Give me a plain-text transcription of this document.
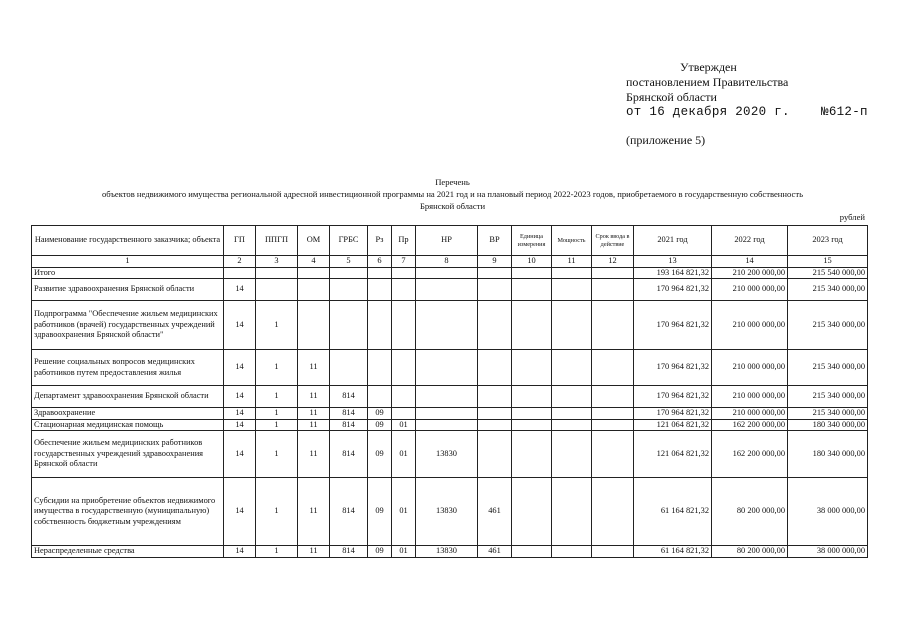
Утвержден
постановлением Правительства
Брянской области
от 16 декабря 2020 г.    №612-п
(приложение 5)
Перечень
объектов недвижимого имущества региональной адресной инвестиционной программы на 2021 год и на плановый период 2022-2023 годов, приобретаемого в государственную собственность
Брянской области
рублей
Наименование государственного заказчика; объекта	ГП	ППГП	ОМ	ГРБС	Рз	Пр	НР	ВР	Единица измерения	Мощность	Срок ввода в действие	2021 год	2022 год	2023 год
1	2	3	4	5	6	7	8	9	10	11	12	13	14	15
Итого												193 164 821,32	210 200 000,00	215 540 000,00
Развитие здравоохранения Брянской области	14											170 964 821,32	210 000 000,00	215 340 000,00
Подпрограмма "Обеспечение жильем медицинских работников (врачей) государственных учреждений здравоохранения Брянской области"	14	1										170 964 821,32	210 000 000,00	215 340 000,00
Решение социальных вопросов медицинских работников путем предоставления жилья	14	1	11									170 964 821,32	210 000 000,00	215 340 000,00
Департамент здравоохранения Брянской области	14	1	11	814								170 964 821,32	210 000 000,00	215 340 000,00
Здравоохранение	14	1	11	814	09							170 964 821,32	210 000 000,00	215 340 000,00
Стационарная медицинская помощь	14	1	11	814	09	01						121 064 821,32	162 200 000,00	180 340 000,00
Обеспечение жильем медицинских работников государственных учреждений здравоохранения Брянской области	14	1	11	814	09	01	13830					121 064 821,32	162 200 000,00	180 340 000,00
Субсидии на приобретение объектов недвижимого имущества в государственную (муниципальную) собственность бюджетным учреждениям	14	1	11	814	09	01	13830	461				61 164 821,32	80 200 000,00	38 000 000,00
Нераспределенные средства	14	1	11	814	09	01	13830	461				61 164 821,32	80 200 000,00	38 000 000,00
